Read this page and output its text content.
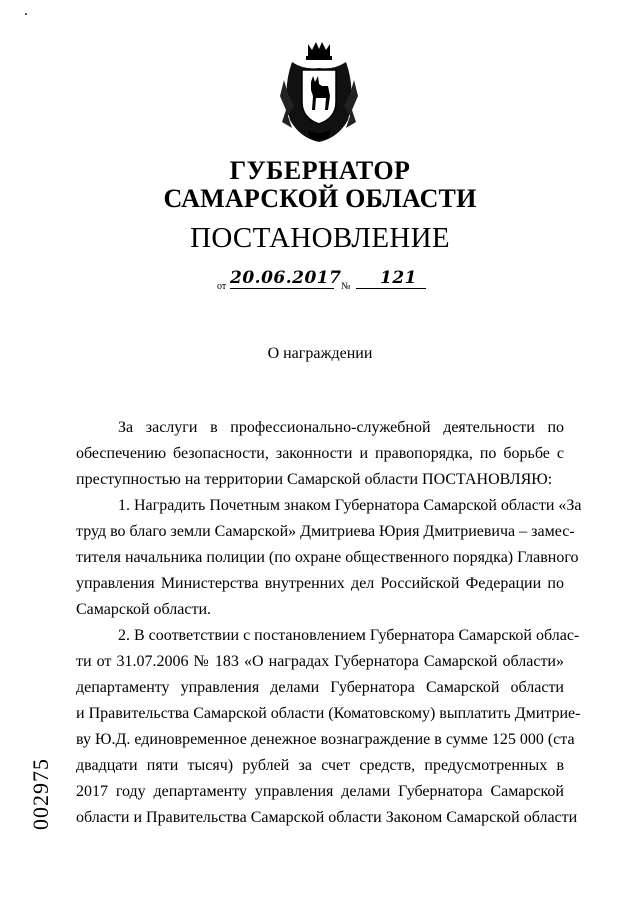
ГУБЕРНАТОР
САМАРСКОЙ ОБЛАСТИ
ПОСТАНОВЛЕНИЕ
от 20.06.2017 № 121
О награждении
За заслуги в профессионально-служебной деятельности по
обеспечению безопасности, законности и правопорядка, по борьбе с
преступностью на территории Самарской области ПОСТАНОВЛЯЮ:
1. Наградить Почетным знаком Губернатора Самарской области «За
труд во благо земли Самарской» Дмитриева Юрия Дмитриевича – замес-
тителя начальника полиции (по охране общественного порядка) Главного
управления Министерства внутренних дел Российской Федерации по
Самарской области.
2. В соответствии с постановлением Губернатора Самарской облас-
ти от 31.07.2006 № 183 «О наградах Губернатора Самарской области»
департаменту управления делами Губернатора Самарской области
и Правительства Самарской области (Коматовскому) выплатить Дмитрие-
ву Ю.Д. единовременное денежное вознаграждение в сумме 125 000 (ста
двадцати пяти тысяч) рублей за счет средств, предусмотренных в
2017 году департаменту управления делами Губернатора Самарской
области и Правительства Самарской области Законом Самарской области
002975
